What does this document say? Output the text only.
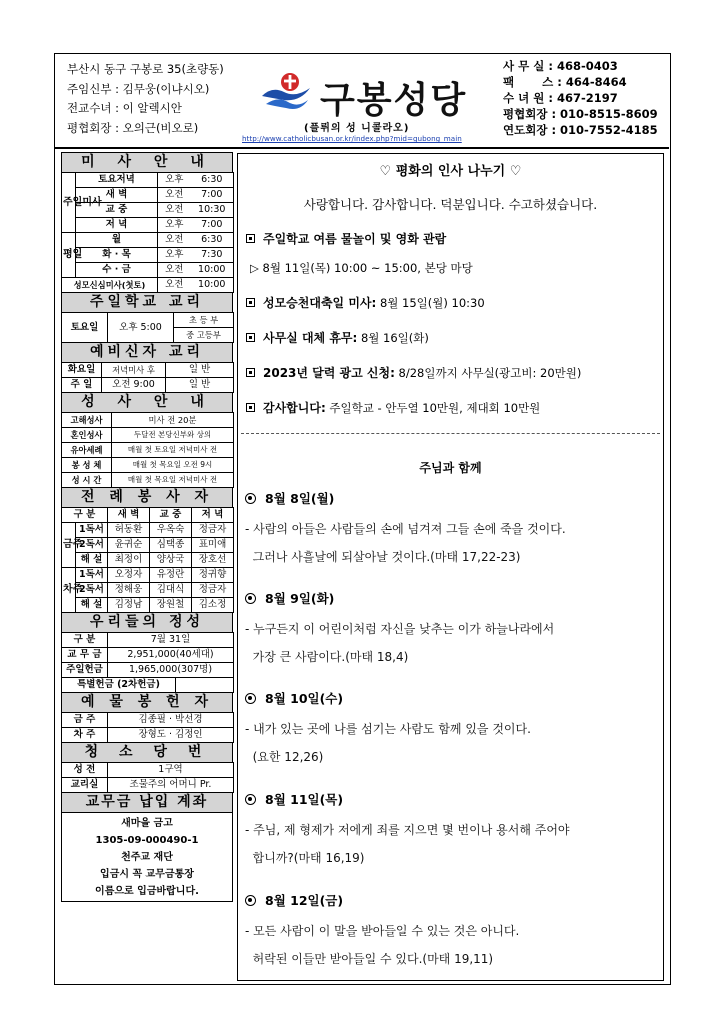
부산시 동구 구봉로 35(초량동)
주임신부 : 김무웅(이냐시오)
전교수녀 : 이 알렉시안
평협회장 : 오의근(비오로)
구봉성당
(플뤼의 성 니콜라오)
http://www.catholicbusan.or.kr/index.php?mid=gubong_main
사 무 실 : 468-0403
팩       스 : 464-8464
수 녀 원 : 467-2197
평협회장 : 010-8515-8609
연도회장 : 010-7552-4185
미 사 안 내
주일미사	토요저녁	오후	6:30
	새 벽	오전	7:00
	교 중	오전	10:30
	저 녁	오후	7:00
평일	월	오전	6:30
	화 · 목	오후	7:30
	수 · 금	오전	10:00
성모신심미사(첫토)		오전	10:00
주일학교 교리
토요일	오후 5:00	초 등 부
중 고등부
예비신자 교리
화요일	저녁미사 후	일 반
주 일	오전 9:00	일 반
성 사 안 내
고해성사	미사 전 20분
혼인성사	두달전 본당신부와 상의
유아세례	매월 첫 토요일 저녁미사 전
봉 성 체	매월 첫 목요일 오전 9시
성 시 간	매월 첫 목요일 저녁미사 전
전 례 봉 사 자
구 분		새 벽	교 중	저 녁
금주	1독서	허동환	우옥숙	정금자
	2독서	윤귀순	심택종	표미애
	해 설	최정이	양상국	장호선
차주	1독서	오정자	유정란	정귀향
	2독서	정해웅	김대식	정금자
	해 설	김정남	장원철	김소정
우리들의 정성
구 분	7월 31일	
교 무 금	2,951,000(40세대)	
주일헌금	1,965,000(307명)	
특별헌금 (2차헌금)		
예 물 봉 헌 자
금 주	김종필 · 박선경
차 주	장형도 · 김정인
청 소 당 번
성 전	1구역
교리실	조물주의 어머니 Pr.
교무금 납입 계좌
새마을 금고
1305-09-000490-1
천주교 재단
입금시 꼭 교무금통장
이름으로 입금바랍니다.
♡ 평화의 인사 나누기 ♡
사랑합니다. 감사합니다. 덕분입니다. 수고하셨습니다.
주일학교 여름 물놀이 및 영화 관람
▷ 8월 11일(목) 10:00 ~ 15:00, 본당 마당
성모승천대축일 미사: 8월 15일(월) 10:30
사무실 대체 휴무: 8월 16일(화)
2023년 달력 광고 신청: 8/28일까지 사무실(광고비: 20만원)
감사합니다: 주일학교 - 안두열 10만원, 제대회 10만원
주님과 함께
8월 8일(월)
- 사람의 아들은 사람들의 손에 넘겨져 그들 손에 죽을 것이다.
그러나 사흘날에 되살아날 것이다.(마태 17,22-23)
8월 9일(화)
- 누구든지 이 어린이처럼 자신을 낮추는 이가 하늘나라에서
가장 큰 사람이다.(마태 18,4)
8월 10일(수)
- 내가 있는 곳에 나를 섬기는 사람도 함께 있을 것이다.
(요한 12,26)
8월 11일(목)
- 주님, 제 형제가 저에게 죄를 지으면 몇 번이나 용서해 주어야
합니까?(마태 16,19)
8월 12일(금)
- 모든 사람이 이 말을 받아들일 수 있는 것은 아니다.
허락된 이들만 받아들일 수 있다.(마태 19,11)
